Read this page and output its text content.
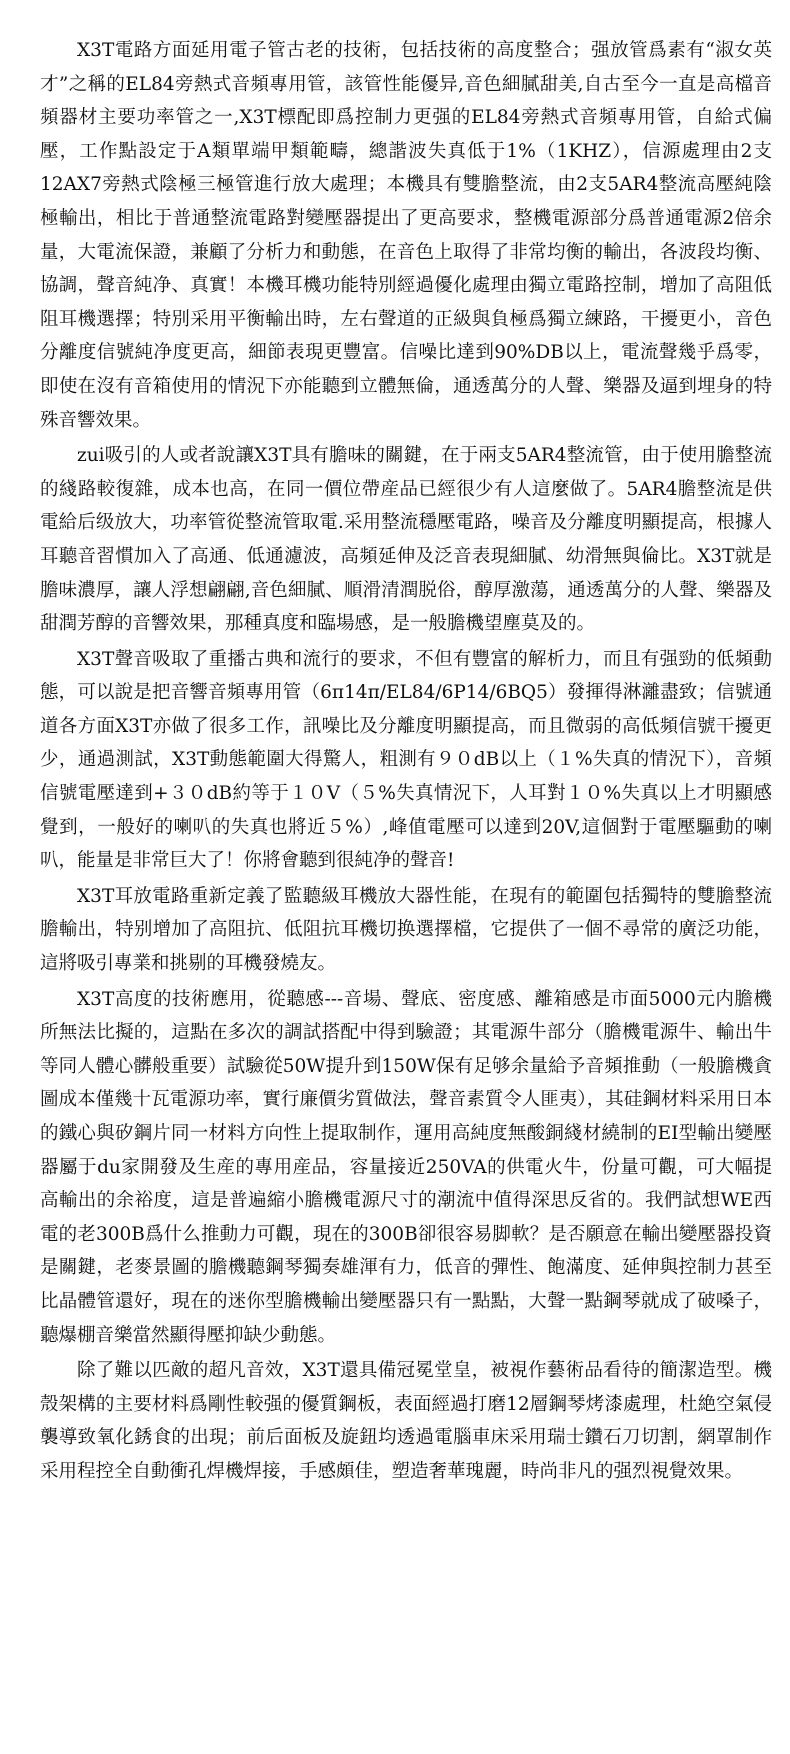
X3T電路方面延用電子管古老的技術，包括技術的高度整合；强放管爲素有“淑女英才”之稱的EL84旁熱式音頻專用管，該管性能優异,音色細膩甜美,自古至今一直是高檔音頻器材主要功率管之一,X3T標配即爲控制力更强的EL84旁熱式音頻專用管，自給式偏壓，工作點設定于A類單端甲類範疇，總諧波失真低于1%（1KHZ），信源處理由2支12AX7旁熱式陰極三極管進行放大處理；本機具有雙膽整流，由2支5AR4整流高壓純陰極輸出，相比于普通整流電路對變壓器提出了更高要求，整機電源部分爲普通電源2倍余量，大電流保證，兼顧了分析力和動態，在音色上取得了非常均衡的輸出，各波段均衡、協調，聲音純净、真實！本機耳機功能特別經過優化處理由獨立電路控制，增加了高阻低阻耳機選擇；特別采用平衡輸出時，左右聲道的正級與負極爲獨立練路，干擾更小，音色分離度信號純净度更高，細節表現更豐富。信噪比達到90%DB以上，電流聲幾乎爲零，即使在沒有音箱使用的情況下亦能聽到立體無倫，通透萬分的人聲、樂器及逼到埋身的特殊音響效果。

zui吸引的人或者說讓X3T具有膽味的關鍵，在于兩支5AR4整流管，由于使用膽整流的綫路較復雜，成本也高，在同一價位帶産品已經很少有人這麼做了。5AR4膽整流是供電給后级放大，功率管從整流管取電.采用整流穩壓電路，噪音及分離度明顯提高，根據人耳聽音習慣加入了高通、低通濾波，高頻延伸及泛音表現細膩、幼滑無與倫比。X3T就是膽味濃厚，讓人浮想翩翩,音色細膩、順滑清潤脱俗，醇厚激蕩，通透萬分的人聲、樂器及甜潤芳醇的音響效果，那種真度和臨場感，是一般膽機望塵莫及的。

X3T聲音吸取了重播古典和流行的要求，不但有豐富的解析力，而且有强勁的低頻動態，可以說是把音響音頻專用管（6π14π/EL84/6P14/6BQ5）發揮得淋灕盡致；信號通道各方面X3T亦做了很多工作，訊噪比及分離度明顯提高，而且微弱的高低頻信號干擾更少，通過測試，X3T動態範圍大得驚人，粗測有９０dB以上（１%失真的情況下），音頻信號電壓達到+３０dB約等于１０V（５%失真情況下，人耳對１０%失真以上才明顯感覺到，一般好的喇叭的失真也將近５%）,峰值電壓可以達到20V,這個對于電壓驅動的喇叭，能量是非常巨大了！你將會聽到很純净的聲音!

X3T耳放電路重新定義了監聽級耳機放大器性能，在現有的範圍包括獨特的雙膽整流膽輸出，特别增加了高阻抗、低阻抗耳機切换選擇檔，它提供了一個不尋常的廣泛功能，這將吸引專業和挑剔的耳機發燒友。

X3T高度的技術應用，從聽感---音場、聲底、密度感、離箱感是市面5000元内膽機所無法比擬的，這點在多次的調試搭配中得到驗證；其電源牛部分（膽機電源牛、輸出牛等同人體心髒般重要）試驗從50W提升到150W保有足够余量給予音頻推動（一般膽機貪圖成本僅幾十瓦電源功率，實行廉價劣質做法，聲音素質令人匪夷），其硅鋼材料采用日本的鐵心與矽鋼片同一材料方向性上提取制作，運用高純度無酸銅綫材繞制的EI型輸出變壓器屬于du家開發及生産的專用産品，容量接近250VA的供電火牛，份量可觀，可大幅提高輸出的余裕度，這是普遍縮小膽機電源尺寸的潮流中值得深思反省的。我們試想WE西電的老300B爲什么推動力可觀，現在的300B卻很容易脚軟？是否願意在輸出變壓器投資是關鍵，老麥景圖的膽機聽鋼琴獨奏雄渾有力，低音的彈性、飽滿度、延伸與控制力甚至比晶體管還好，現在的迷你型膽機輸出變壓器只有一點點，大聲一點鋼琴就成了破嗓子，聽爆棚音樂當然顯得壓抑缺少動態。

除了難以匹敵的超凡音效，X3T還具備冠冕堂皇，被視作藝術品看待的簡潔造型。機殼架構的主要材料爲剛性較强的優質鋼板，表面經過打磨12層鋼琴烤漆處理，杜絶空氣侵襲導致氧化銹食的出現；前后面板及旋鈕均透過電腦車床采用瑞士鑽石刀切割，網罩制作采用程控全自動衝孔焊機焊接，手感頗佳，塑造奢華瑰麗，時尚非凡的强烈視覺效果。
